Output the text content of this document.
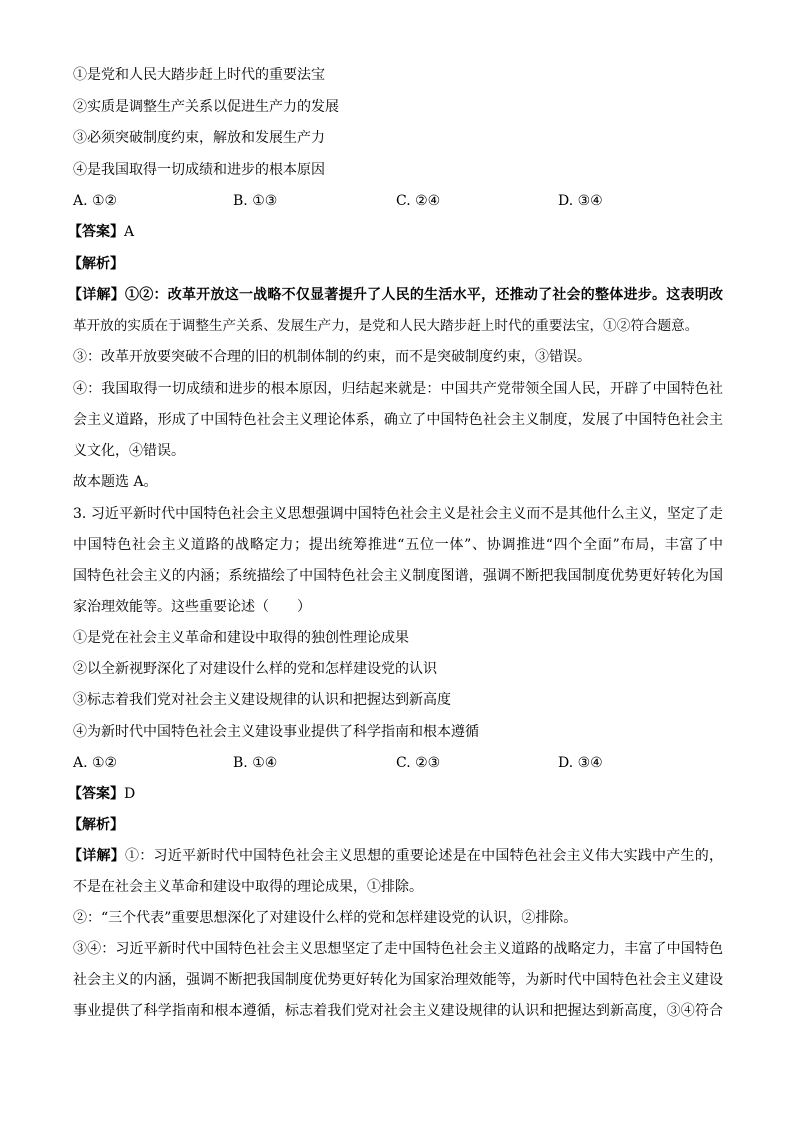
①是党和人民大踏步赶上时代的重要法宝
②实质是调整生产关系以促进生产力的发展
③必须突破制度约束，解放和发展生产力
④是我国取得一切成绩和进步的根本原因
A. ①②	B. ①③	C. ②④	D. ③④
【答案】A
【解析】
【详解】①②：改革开放这一战略不仅显著提升了人民的生活水平，还推动了社会的整体进步。这表明改
革开放的实质在于调整生产关系、发展生产力，是党和人民大踏步赶上时代的重要法宝，①②符合题意。
③：改革开放要突破不合理的旧的机制体制的约束，而不是突破制度约束，③错误。
④：我国取得一切成绩和进步的根本原因，归结起来就是：中国共产党带领全国人民，开辟了中国特色社
会主义道路，形成了中国特色社会主义理论体系，确立了中国特色社会主义制度，发展了中国特色社会主
义文化，④错误。
故本题选 A。
3. 习近平新时代中国特色社会主义思想强调中国特色社会主义是社会主义而不是其他什么主义，坚定了走
中国特色社会主义道路的战略定力；提出统筹推进“五位一体”、协调推进“四个全面”布局，丰富了中
国特色社会主义的内涵；系统描绘了中国特色社会主义制度图谱，强调不断把我国制度优势更好转化为国
家治理效能等。这些重要论述（　　）
①是党在社会主义革命和建设中取得的独创性理论成果
②以全新视野深化了对建设什么样的党和怎样建设党的认识
③标志着我们党对社会主义建设规律的认识和把握达到新高度
④为新时代中国特色社会主义建设事业提供了科学指南和根本遵循
A. ①②	B. ①④	C. ②③	D. ③④
【答案】D
【解析】
【详解】①：习近平新时代中国特色社会主义思想的重要论述是在中国特色社会主义伟大实践中产生的，
不是在社会主义革命和建设中取得的理论成果，①排除。
②：“三个代表”重要思想深化了对建设什么样的党和怎样建设党的认识，②排除。
③④：习近平新时代中国特色社会主义思想坚定了走中国特色社会主义道路的战略定力，丰富了中国特色
社会主义的内涵，强调不断把我国制度优势更好转化为国家治理效能等，为新时代中国特色社会主义建设
事业提供了科学指南和根本遵循，标志着我们党对社会主义建设规律的认识和把握达到新高度，③④符合
